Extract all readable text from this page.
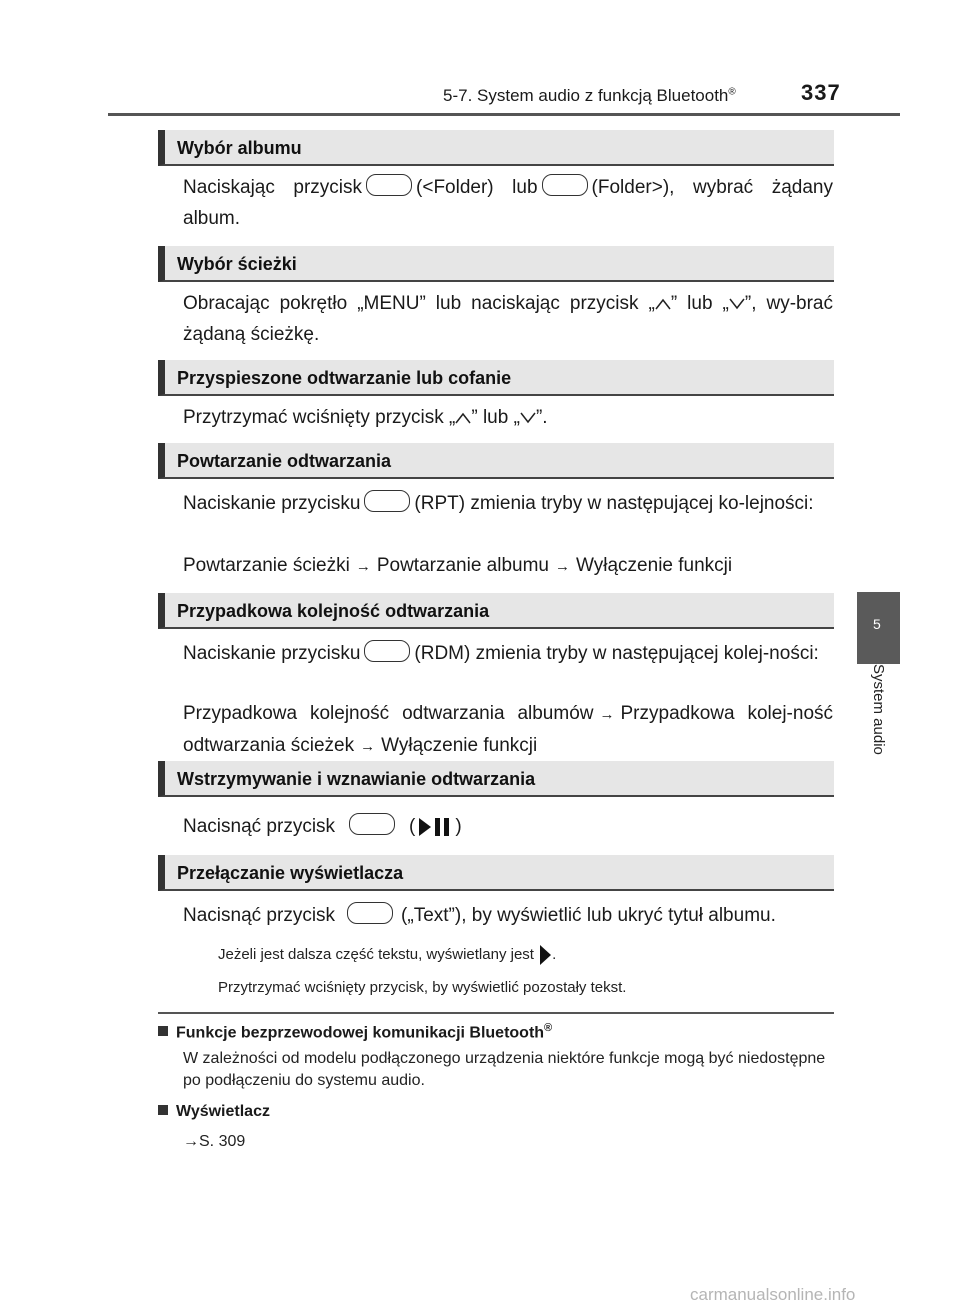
5-7. System audio z funkcją Bluetooth®	337
5
System audio
Wybór albumu
Naciskając przycisk	(<Folder) lub	(Folder>), wybrać żądany album.
Wybór ścieżki
Obracając pokrętło „MENU” lub naciskając przycisk „ ” lub „ ”, wy-brać żądaną ścieżkę.
Przyspieszone odtwarzanie lub cofanie
Przytrzymać wciśnięty przycisk „ ” lub „ ”.
Powtarzanie odtwarzania
Naciskanie przycisku	(RPT) zmienia tryby w następującej ko-lejności:
Powtarzanie ścieżki → Powtarzanie albumu → Wyłączenie funkcji
Przypadkowa kolejność odtwarzania
Naciskanie przycisku	(RDM) zmienia tryby w następującej kolej-ności:
Przypadkowa kolejność odtwarzania albumów → Przypadkowa kolej-ność odtwarzania ścieżek → Wyłączenie funkcji
Wstrzymywanie i wznawianie odtwarzania
Nacisnąć przycisk	( )
Przełączanie wyświetlacza
Nacisnąć przycisk	(„Text”), by wyświetlić lub ukryć tytuł albumu.
Jeżeli jest dalsza część tekstu, wyświetlany jest .
Przytrzymać wciśnięty przycisk, by wyświetlić pozostały tekst.
Funkcje bezprzewodowej komunikacji Bluetooth®
W zależności od modelu podłączonego urządzenia niektóre funkcje mogą być niedostępne po podłączeniu do systemu audio.
Wyświetlacz
→S. 309
carmanualsonline.info
